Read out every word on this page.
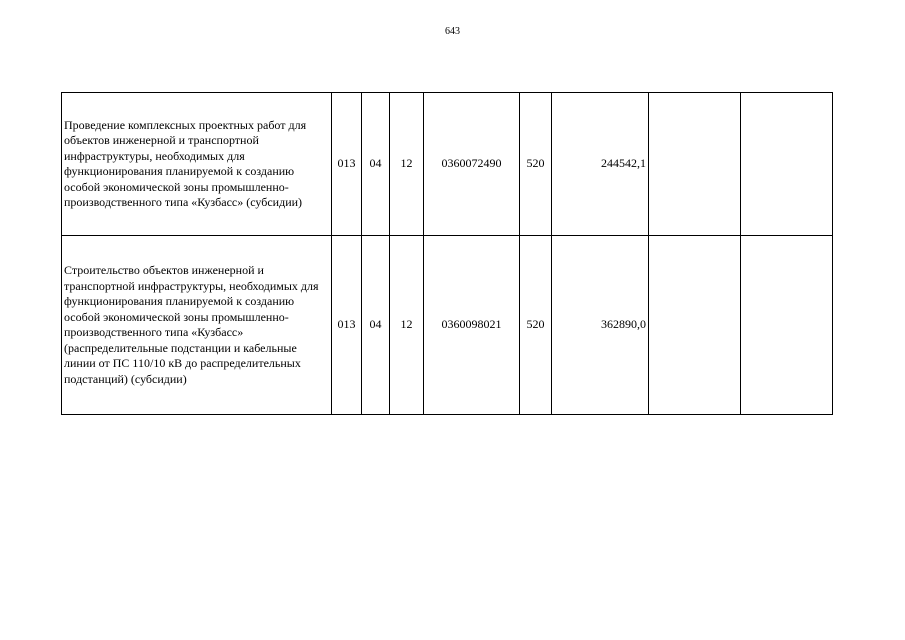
643
Проведение комплексных проектных работ для объектов инженерной и транспортной инфраструктуры, необходимых для функционирования планируемой к созданию особой экономической зоны промышленно-производственного типа «Кузбасс» (субсидии)	013	04	12	0360072490	520	244542,1		
Строительство объектов инженерной и транспортной инфраструктуры, необходимых для функционирования планируемой к созданию особой экономической зоны промышленно-производственного типа «Кузбасс» (распределительные подстанции и кабельные линии от ПС 110/10 кВ до распределительных подстанций) (субсидии)	013	04	12	0360098021	520	362890,0		
